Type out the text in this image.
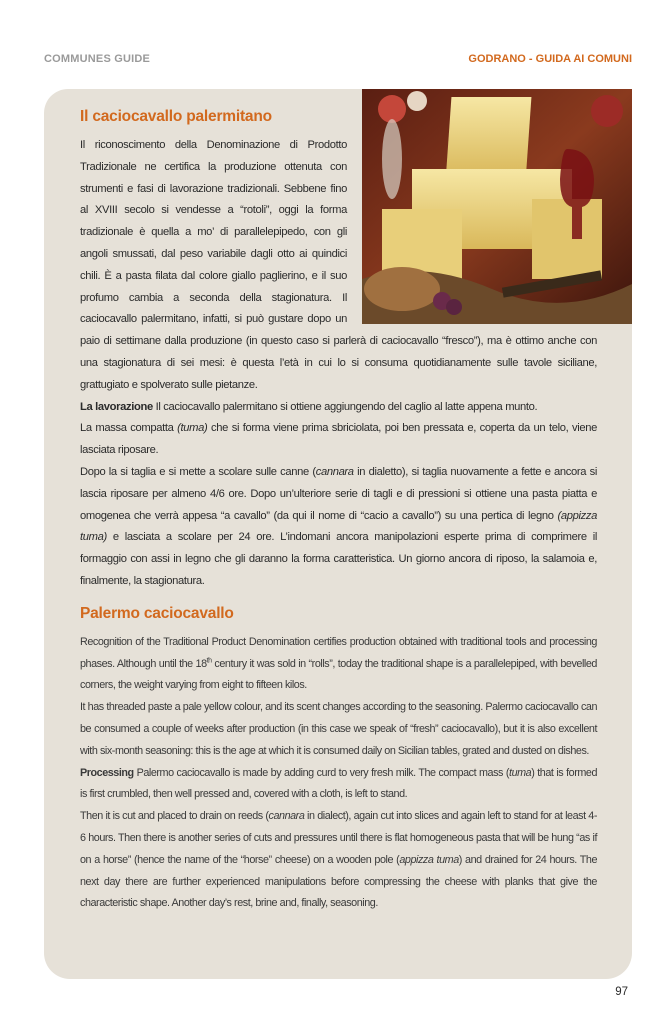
COMMUNES GUIDE	GODRANO - GUIDA AI COMUNI
Il caciocavallo palermitano

Il riconoscimento della Denominazione di Prodotto Tradizionale ne certifica la produzione ottenuta con strumenti e fasi di lavorazione tradizionali. Sebbene fino al XVIII secolo si vendesse a “rotoli”, oggi la forma tradizionale è quella a mo’ di parallelepipedo, con gli angoli smussati, dal peso variabile dagli otto ai quindici chili. È a pasta filata dal colore giallo paglierino, e il suo profumo cambia a seconda della stagionatura. Il caciocavallo palermitano, infatti, si può gustare dopo un paio di settimane dalla produzione (in questo caso si parlerà di caciocavallo “fresco”), ma è ottimo anche con una stagionatura di sei mesi: è questa l’età in cui lo si consuma quotidianamente sulle tavole siciliane, grattugiato e spolverato sulle pietanze.

La lavorazione Il caciocavallo palermitano si ottiene aggiungendo del caglio al latte appena munto.

La massa compatta (tuma) che si forma viene prima sbriciolata, poi ben pressata e, coperta da un telo, viene lasciata riposare.

Dopo la si taglia e si mette a scolare sulle canne (cannara in dialetto), si taglia nuovamente a fette e ancora si lascia riposare per almeno 4/6 ore. Dopo un’ulteriore serie di tagli e di pressioni si ottiene una pasta piatta e omogenea che verrà appesa “a cavallo” (da qui il nome di “cacio a cavallo”) su una pertica di legno (appizza tuma) e lasciata a scolare per 24 ore. L’indomani ancora manipolazioni esperte prima di comprimere il formaggio con assi in legno che gli daranno la forma caratteristica. Un giorno ancora di riposo, la salamoia e, finalmente, la stagionatura.

Palermo caciocavallo

Recognition of the Traditional Product Denomination certifies production obtained with traditional tools and processing phases. Although until the 18th century it was sold in “rolls”, today the traditional shape is a parallelepiped, with bevelled corners, the weight varying from eight to fifteen kilos.

It has threaded paste a pale yellow colour, and its scent changes according to the seasoning. Palermo caciocavallo can be consumed a couple of weeks after production (in this case we speak of “fresh” caciocavallo), but it is also excellent with six-month seasoning: this is the age at which it is consumed daily on Sicilian tables, grated and dusted on dishes.

Processing Palermo caciocavallo is made by adding curd to very fresh milk. The compact mass (tuma) that is formed is first crumbled, then well pressed and, covered with a cloth, is left to stand.

Then it is cut and placed to drain on reeds (cannara in dialect), again cut into slices and again left to stand for at least 4-6 hours. Then there is another series of cuts and pressures until there is flat homogeneous pasta that will be hung “as if on a horse” (hence the name of the “horse” cheese) on a wooden pole (appizza tuma) and drained for 24 hours. The next day there are further experienced manipulations before compressing the cheese with planks that give the characteristic shape. Another day’s rest, brine and, finally, seasoning.

97
